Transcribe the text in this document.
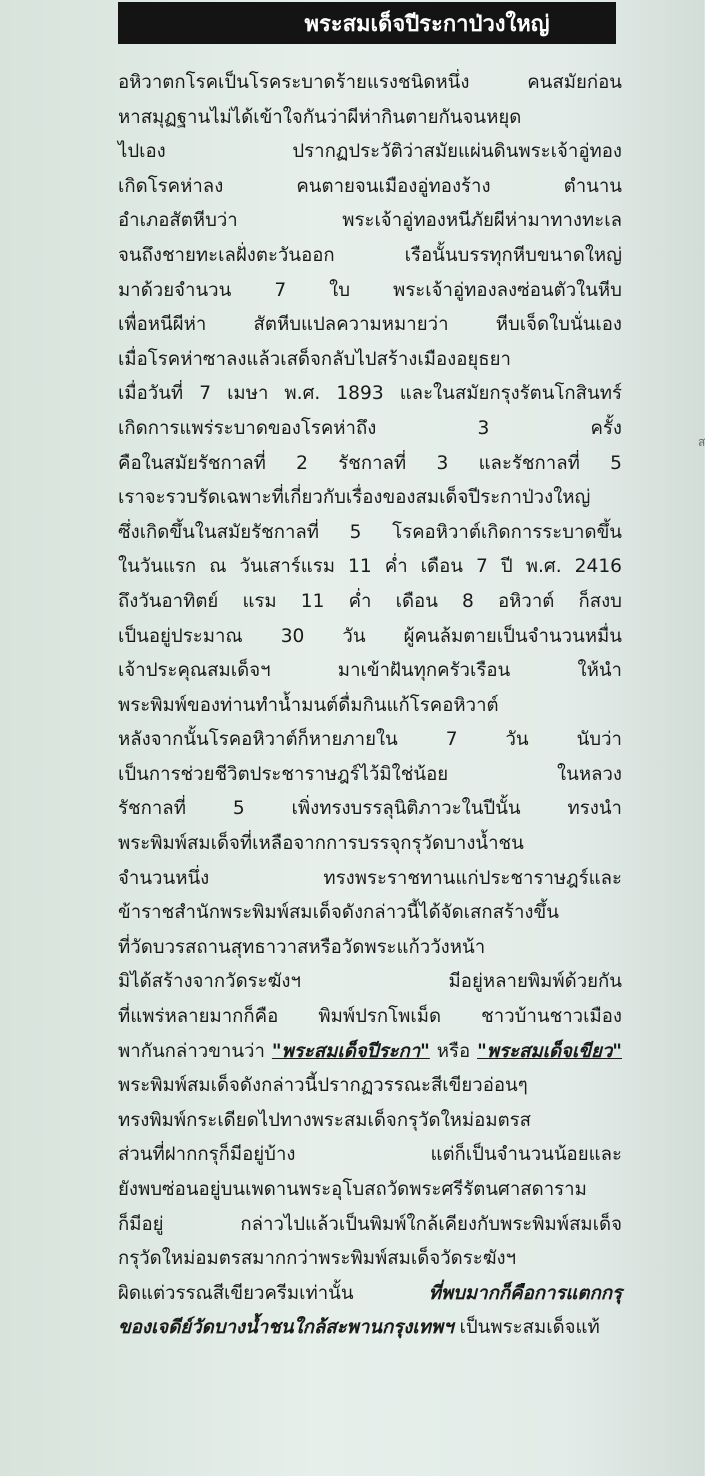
พระสมเด็จปีระกาป่วงใหญ่
อหิวาตกโรคเป็นโรคระบาดร้ายแรงชนิดหนึ่ง คนสมัยก่อน
หาสมุฏฐานไม่ได้เข้าใจกันว่าผีห่ากินตายกันจนหยุด
ไปเอง ปรากฏประวัติว่าสมัยแผ่นดินพระเจ้าอู่ทอง
เกิดโรคห่าลง คนตายจนเมืองอู่ทองร้าง ตำนาน
อำเภอสัตหีบว่า พระเจ้าอู่ทองหนีภัยผีห่ามาทางทะเล
จนถึงชายทะเลฝั่งตะวันออก เรือนั้นบรรทุกหีบขนาดใหญ่
มาด้วยจำนวน 7 ใบ พระเจ้าอู่ทองลงซ่อนตัวในหีบ
เพื่อหนีผีห่า สัตหีบแปลความหมายว่า หีบเจ็ดใบนั่นเอง
เมื่อโรคห่าซาลงแล้วเสด็จกลับไปสร้างเมืองอยุธยา
เมื่อวันที่ 7 เมษา พ.ศ. 1893 และในสมัยกรุงรัตนโกสินทร์
เกิดการแพร่ระบาดของโรคห่าถึง 3 ครั้ง
คือในสมัยรัชกาลที่ 2 รัชกาลที่ 3 และรัชกาลที่ 5
เราจะรวบรัดเฉพาะที่เกี่ยวกับเรื่องของสมเด็จปีระกาป่วงใหญ่
ซึ่งเกิดขึ้นในสมัยรัชกาลที่ 5 โรคอหิวาต์เกิดการระบาดขึ้น
ในวันแรก ณ วันเสาร์แรม 11 ค่ำ เดือน 7 ปี พ.ศ. 2416
ถึงวันอาทิตย์ แรม 11 ค่ำ เดือน 8 อหิวาต์ ก็สงบ
เป็นอยู่ประมาณ 30 วัน ผู้คนล้มตายเป็นจำนวนหมื่น
เจ้าประคุณสมเด็จฯ มาเข้าฝันทุกครัวเรือน ให้นำ
พระพิมพ์ของท่านทำน้ำมนต์ดื่มกินแก้โรคอหิวาต์
หลังจากนั้นโรคอหิวาต์ก็หายภายใน 7 วัน นับว่า
เป็นการช่วยชีวิตประชาราษฎร์ไว้มิใช่น้อย ในหลวง
รัชกาลที่ 5 เพิ่งทรงบรรลุนิติภาวะในปีนั้น ทรงนำ
พระพิมพ์สมเด็จที่เหลือจากการบรรจุกรุวัดบางน้ำชน
จำนวนหนึ่ง ทรงพระราชทานแก่ประชาราษฎร์และ
ข้าราชสำนักพระพิมพ์สมเด็จดังกล่าวนี้ได้จัดเสกสร้างขึ้น
ที่วัดบวรสถานสุทธาวาสหรือวัดพระแก้ววังหน้า
มิได้สร้างจากวัดระฆังฯ มีอยู่หลายพิมพ์ด้วยกัน
ที่แพร่หลายมากก็คือ พิมพ์ปรกโพเม็ด ชาวบ้านชาวเมือง
พากันกล่าวขานว่า "พระสมเด็จปีระกา" หรือ "พระสมเด็จเขียว"
พระพิมพ์สมเด็จดังกล่าวนี้ปรากฏวรรณะสีเขียวอ่อนๆ
ทรงพิมพ์กระเดียดไปทางพระสมเด็จกรุวัดใหม่อมตรส
ส่วนที่ฝากกรุก็มีอยู่บ้าง แต่ก็เป็นจำนวนน้อยและ
ยังพบซ่อนอยู่บนเพดานพระอุโบสถวัดพระศรีรัตนศาสดาราม
ก็มีอยู่ กล่าวไปแล้วเป็นพิมพ์ใกล้เคียงกับพระพิมพ์สมเด็จ
กรุวัดใหม่อมตรสมากกว่าพระพิมพ์สมเด็จวัดระฆังฯ
ผิดแต่วรรณสีเขียวครีมเท่านั้น ที่พบมากก็คือการแตกกรุ
ของเจดีย์วัดบางน้ำชนใกล้สะพานกรุงเทพฯ เป็นพระสมเด็จแท้
ส
